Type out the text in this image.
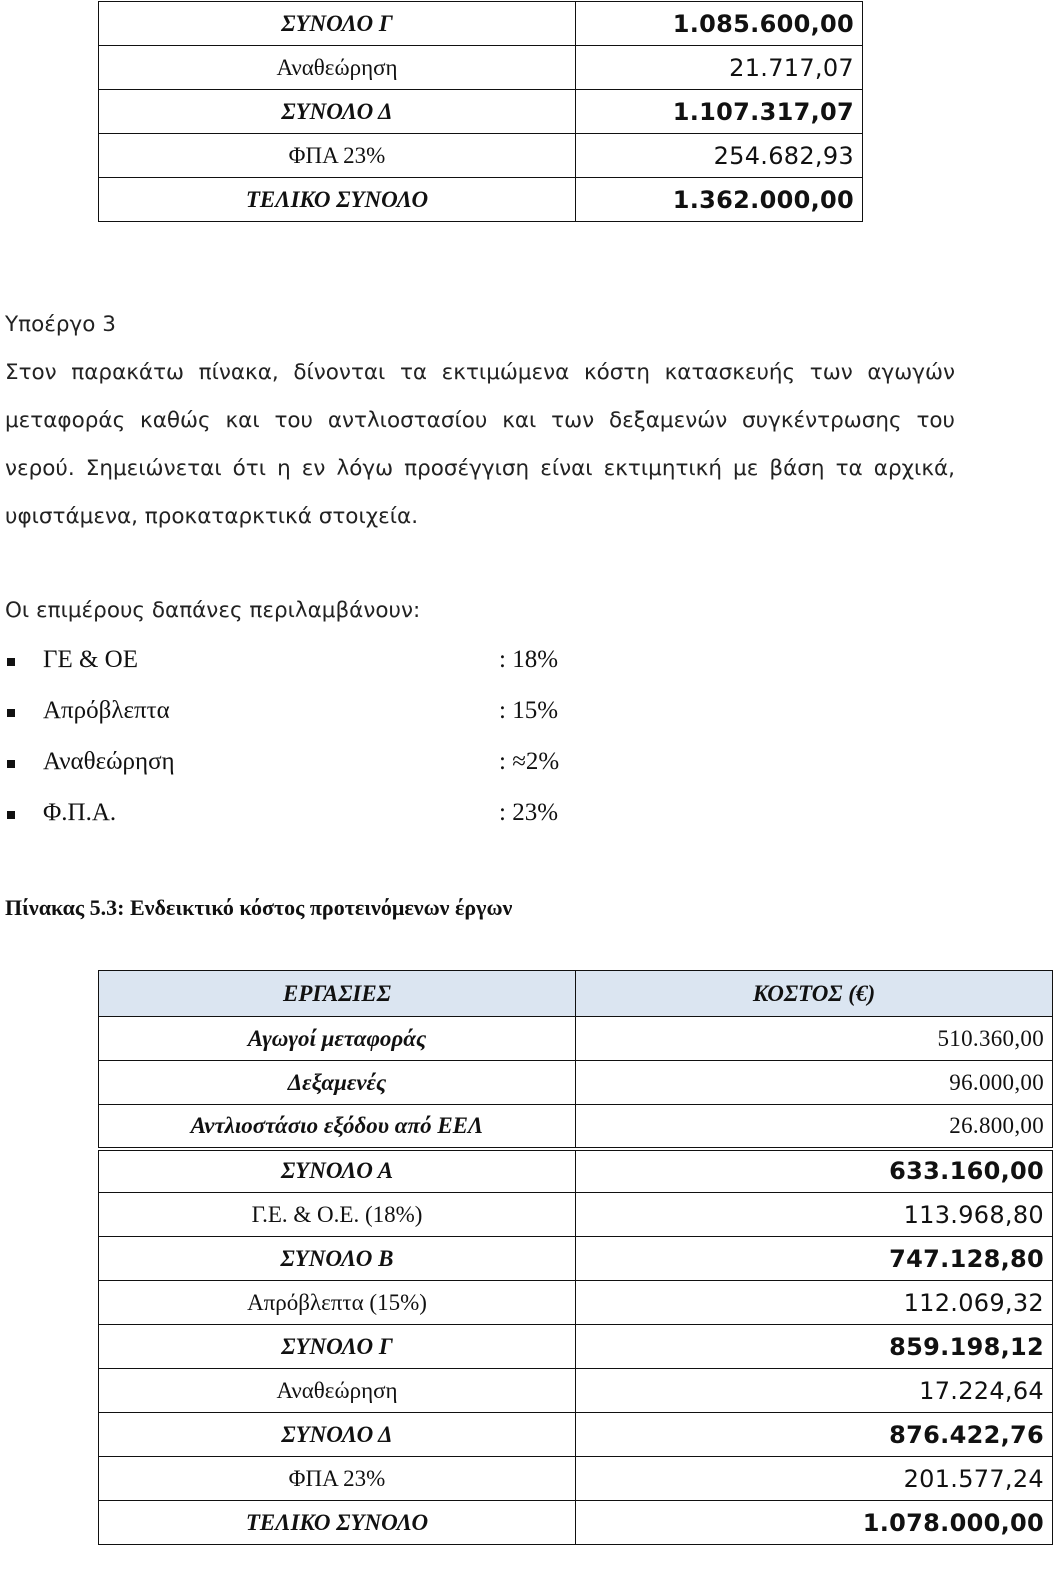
ΣΥΝΟΛΟ Γ	1.085.600,00
Αναθεώρηση	21.717,07
ΣΥΝΟΛΟ Δ	1.107.317,07
ΦΠΑ 23%	254.682,93
ΤΕΛΙΚΟ ΣΥΝΟΛΟ	1.362.000,00
Υποέργο 3
Στον παρακάτω πίνακα, δίνονται τα εκτιμώμενα κόστη κατασκευής των αγωγών
μεταφοράς καθώς και του αντλιοστασίου και των δεξαμενών συγκέντρωσης του
νερού. Σημειώνεται ότι η εν λόγω προσέγγιση είναι εκτιμητική με βάση τα αρχικά,
υφιστάμενα, προκαταρκτικά στοιχεία.
Οι επιμέρους δαπάνες περιλαμβάνουν:
ΓΕ & ΟΕ	: 18%
Απρόβλεπτα	: 15%
Αναθεώρηση	: ≈2%
Φ.Π.Α.	: 23%
Πίνακας 5.3: Ενδεικτικό κόστος προτεινόμενων έργων
ΕΡΓΑΣΙΕΣ	ΚΟΣΤΟΣ (€)
Αγωγοί μεταφοράς	510.360,00
Δεξαμενές	96.000,00
Αντλιοστάσιο εξόδου από ΕΕΛ	26.800,00
ΣΥΝΟΛΟ Α	633.160,00
Γ.Ε. & Ο.Ε. (18%)	113.968,80
ΣΥΝΟΛΟ Β	747.128,80
Απρόβλεπτα (15%)	112.069,32
ΣΥΝΟΛΟ Γ	859.198,12
Αναθεώρηση	17.224,64
ΣΥΝΟΛΟ Δ	876.422,76
ΦΠΑ 23%	201.577,24
ΤΕΛΙΚΟ ΣΥΝΟΛΟ	1.078.000,00
